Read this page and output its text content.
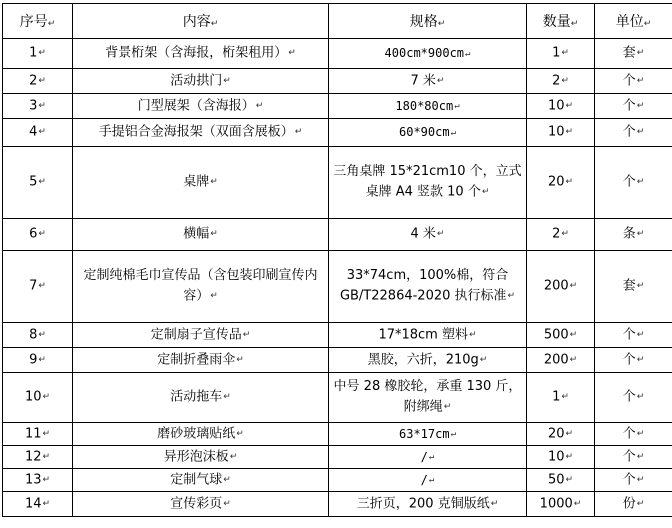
序号↵	内容↵	规格↵	数量↵	单位↵
1↵	背景桁架（含海报，桁架租用）↵	400cm*900cm↵	1↵	套↵
2↵	活动拱门↵	7 米↵	2↵	个↵
3↵	门型展架（含海报）↵	180*80cm↵	10↵	个↵
4↵	手提铝合金海报架（双面含展板）↵	60*90cm↵	10↵	个↵
5↵	桌牌↵	三角桌牌 15*21cm10 个，立式桌牌 A4 竖款 10 个↵	20↵	个↵
6↵	横幅↵	4 米↵	2↵	条↵
7↵	定制纯棉毛巾宣传品（含包装印刷宣传内容）↵	33*74cm，100%棉，符合 GB/T22864-2020 执行标准↵	200↵	套↵
8↵	定制扇子宣传品↵	17*18cm 塑料↵	500↵	个↵
9↵	定制折叠雨伞↵	黑胶，六折，210g↵	200↵	个↵
10↵	活动拖车↵	中号 28 橡胶轮，承重 130 斤，附绑绳↵	1↵	个↵
11↵	磨砂玻璃贴纸↵	63*17cm↵	20↵	个↵
12↵	异形泡沫板↵	/↵	10↵	个↵
13↵	定制气球↵	/↵	50↵	个↵
14↵	宣传彩页↵	三折页，200 克铜版纸↵	1000↵	份↵
